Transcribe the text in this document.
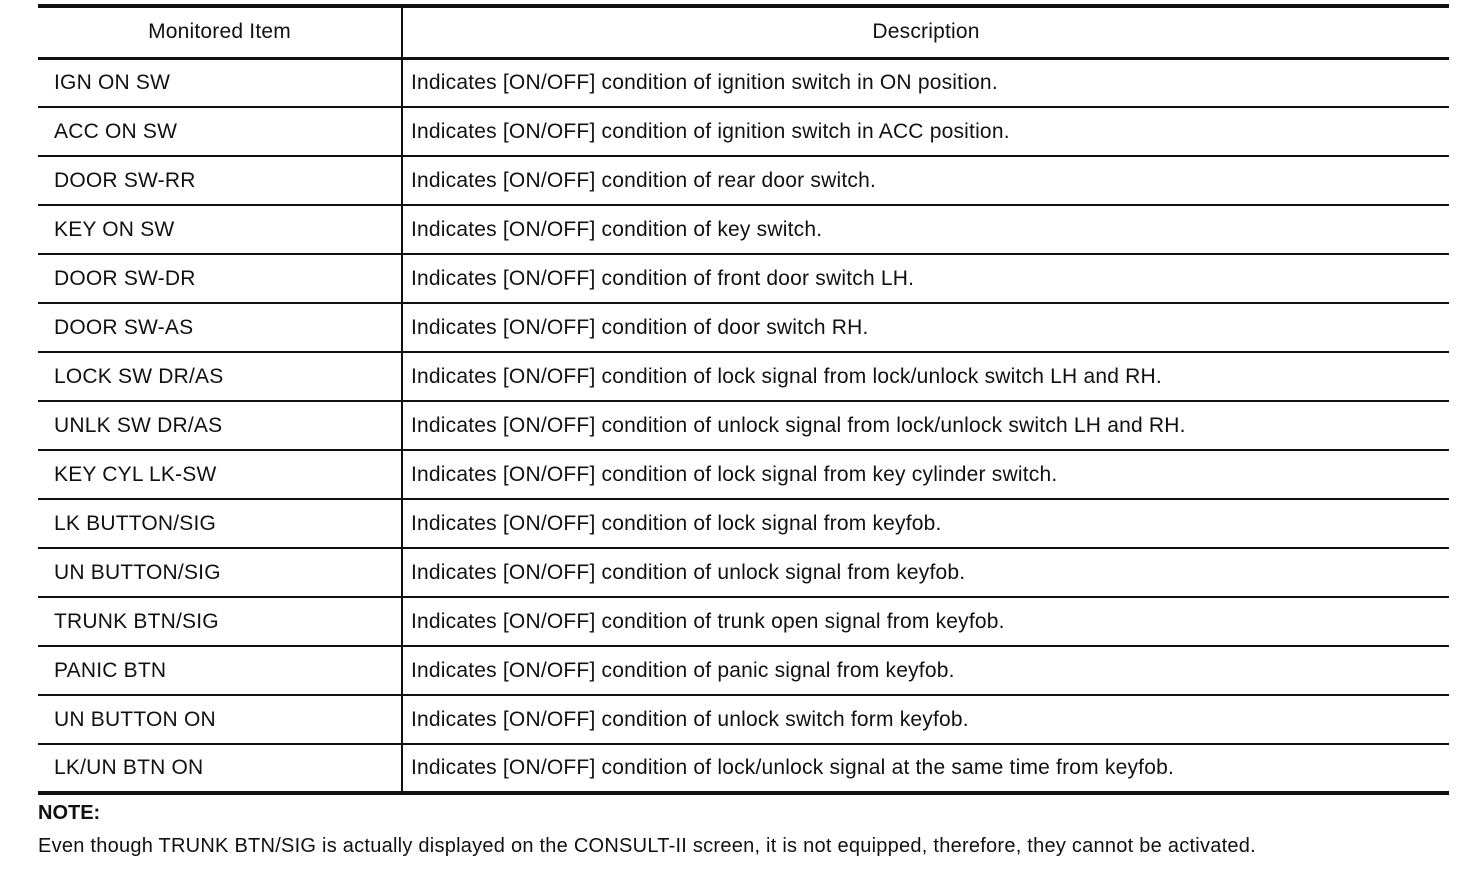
Monitored Item	Description
IGN ON SW	Indicates [ON/OFF] condition of ignition switch in ON position.
ACC ON SW	Indicates [ON/OFF] condition of ignition switch in ACC position.
DOOR SW-RR	Indicates [ON/OFF] condition of rear door switch.
KEY ON SW	Indicates [ON/OFF] condition of key switch.
DOOR SW-DR	Indicates [ON/OFF] condition of front door switch LH.
DOOR SW-AS	Indicates [ON/OFF] condition of door switch RH.
LOCK SW DR/AS	Indicates [ON/OFF] condition of lock signal from lock/unlock switch LH and RH.
UNLK SW DR/AS	Indicates [ON/OFF] condition of unlock signal from lock/unlock switch LH and RH.
KEY CYL LK-SW	Indicates [ON/OFF] condition of lock signal from key cylinder switch.
LK BUTTON/SIG	Indicates [ON/OFF] condition of lock signal from keyfob.
UN BUTTON/SIG	Indicates [ON/OFF] condition of unlock signal from keyfob.
TRUNK BTN/SIG	Indicates [ON/OFF] condition of trunk open signal from keyfob.
PANIC BTN	Indicates [ON/OFF] condition of panic signal from keyfob.
UN BUTTON ON	Indicates [ON/OFF] condition of unlock switch form keyfob.
LK/UN BTN ON	Indicates [ON/OFF] condition of lock/unlock signal at the same time from keyfob.
NOTE:
Even though TRUNK BTN/SIG is actually displayed on the CONSULT-II screen, it is not equipped, therefore, they cannot be activated.
